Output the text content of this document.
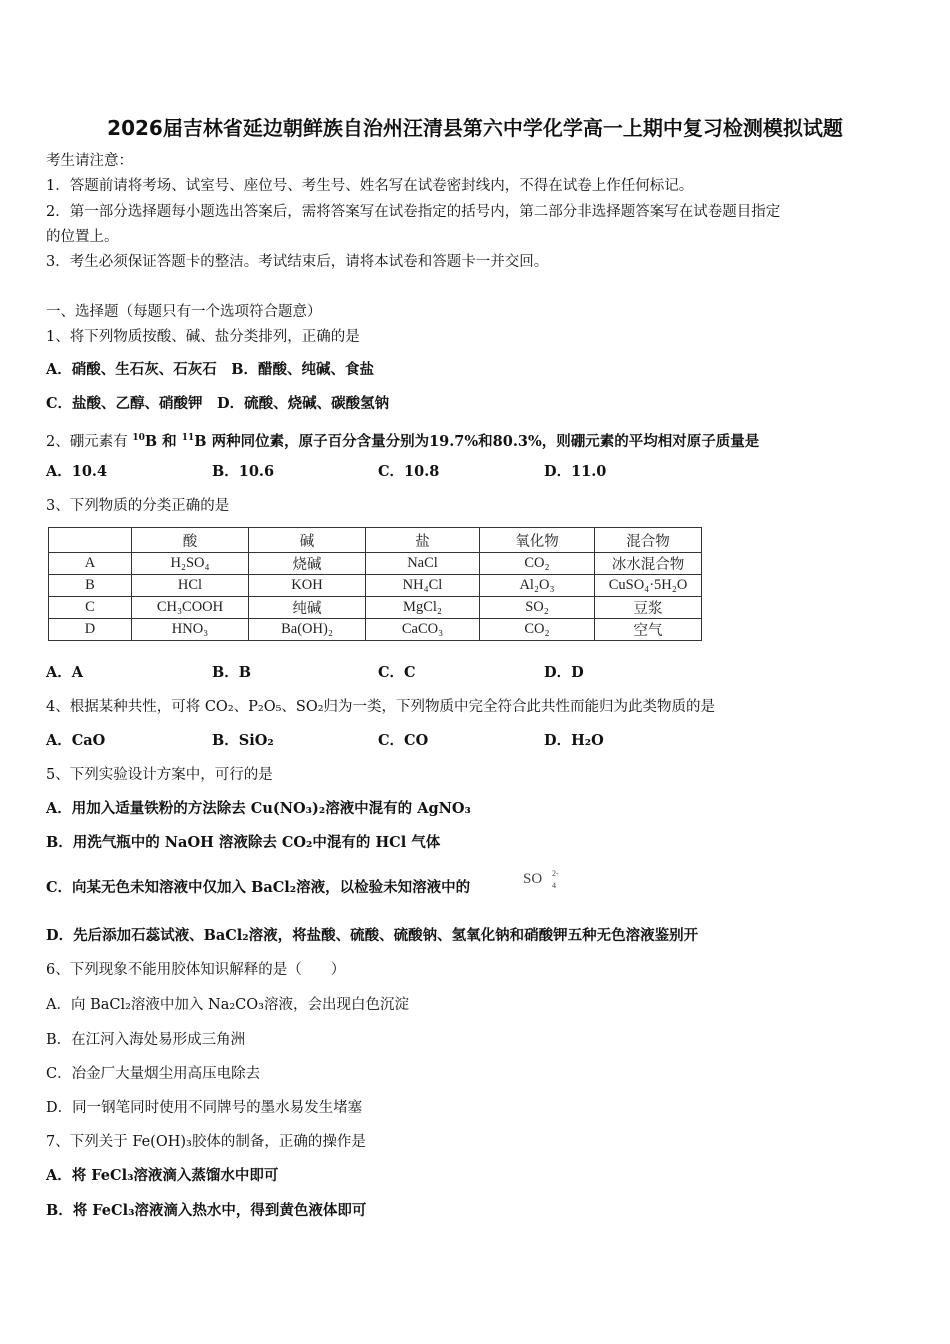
2026届吉林省延边朝鲜族自治州汪清县第六中学化学高一上期中复习检测模拟试题
考生请注意：
1．答题前请将考场、试室号、座位号、考生号、姓名写在试卷密封线内，不得在试卷上作任何标记。
2．第一部分选择题每小题选出答案后，需将答案写在试卷指定的括号内，第二部分非选择题答案写在试卷题目指定
的位置上。
3．考生必须保证答题卡的整洁。考试结束后，请将本试卷和答题卡一并交回。
一、选择题（每题只有一个选项符合题意）
1、将下列物质按酸、碱、盐分类排列，正确的是
A．硝酸、生石灰、石灰石　B．醋酸、纯碱、食盐
C．盐酸、乙醇、硝酸钾　D．硫酸、烧碱、碳酸氢钠
2、硼元素有 $^{10}$B 和 $^{11}$B 两种同位素，原子百分含量分别为19.7%和80.3%，则硼元素的平均相对原子质量是
A．10.4	B．10.6	C．10.8	D．11.0
3、下列物质的分类正确的是
	酸	碱	盐	氧化物	混合物
A	H₂SO₄	烧碱	NaCl	CO₂	冰水混合物
B	HCl	KOH	NH₄Cl	Al₂O₃	CuSO₄·5H₂O
C	CH₃COOH	纯碱	MgCl₂	SO₂	豆浆
D	HNO₃	Ba(OH)₂	CaCO₃	CO₂	空气
A．A	B．B	C．C	D．D
4、根据某种共性，可将 CO₂、P₂O₅、SO₂归为一类，下列物质中完全符合此共性而能归为此类物质的是
A．CaO	B．SiO₂	C．CO	D．H₂O
5、下列实验设计方案中，可行的是
A．用加入适量铁粉的方法除去 Cu(NO₃)₂溶液中混有的 AgNO₃
B．用洗气瓶中的 NaOH 溶液除去 CO₂中混有的 HCl 气体
C．向某无色未知溶液中仅加入 BaCl₂溶液，以检验未知溶液中的	SO 2-
4
D．先后添加石蕊试液、BaCl₂溶液，将盐酸、硫酸、硫酸钠、氢氧化钠和硝酸钾五种无色溶液鉴别开
6、下列现象不能用胶体知识解释的是（　　）
A．向 BaCl₂溶液中加入 Na₂CO₃溶液，会出现白色沉淀
B．在江河入海处易形成三角洲
C．冶金厂大量烟尘用高压电除去
D．同一钢笔同时使用不同牌号的墨水易发生堵塞
7、下列关于 Fe(OH)₃胶体的制备，正确的操作是
A．将 FeCl₃溶液滴入蒸馏水中即可
B．将 FeCl₃溶液滴入热水中，得到黄色液体即可
